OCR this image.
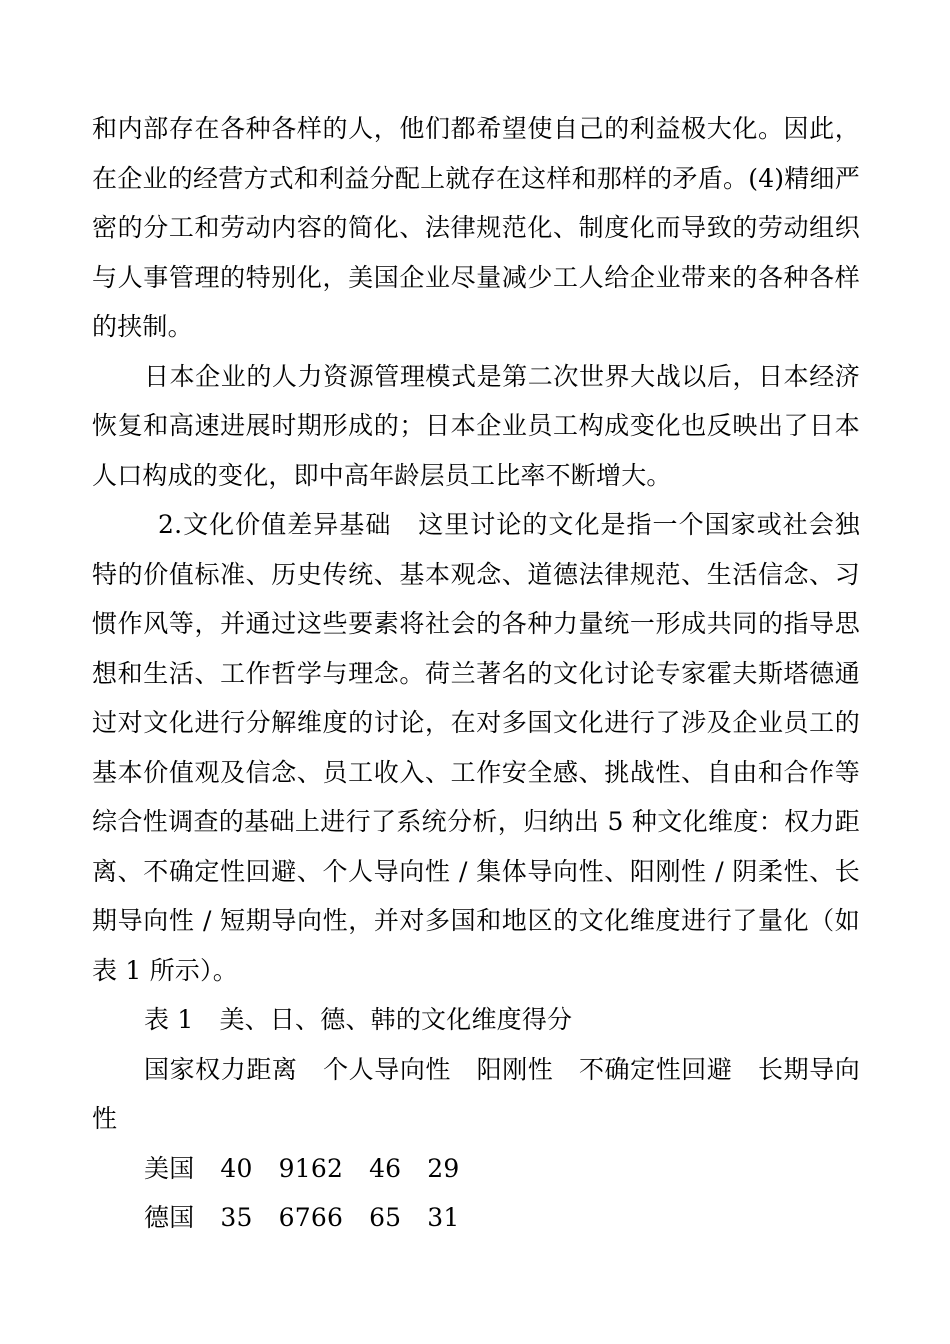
和内部存在各种各样的人，他们都希望使自己的利益极大化。因此，在企业的经营方式和利益分配上就存在这样和那样的矛盾。(4)精细严密的分工和劳动内容的简化、法律规范化、制度化而导致的劳动组织与人事管理的特别化，美国企业尽量减少工人给企业带来的各种各样的挟制。

日本企业的人力资源管理模式是第二次世界大战以后，日本经济恢复和高速进展时期形成的；日本企业员工构成变化也反映出了日本人口构成的变化，即中高年龄层员工比率不断增大。

2.文化价值差异基础 这里讨论的文化是指一个国家或社会独特的价值标准、历史传统、基本观念、道德法律规范、生活信念、习惯作风等，并通过这些要素将社会的各种力量统一形成共同的指导思想和生活、工作哲学与理念。荷兰著名的文化讨论专家霍夫斯塔德通过对文化进行分解维度的讨论，在对多国文化进行了涉及企业员工的基本价值观及信念、员工收入、工作安全感、挑战性、自由和合作等综合性调查的基础上进行了系统分析，归纳出 5 种文化维度：权力距离、不确定性回避、个人导向性 / 集体导向性、阳刚性 / 阴柔性、长期导向性 / 短期导向性，并对多国和地区的文化维度进行了量化（如表 1 所示）。

表 1 美、日、德、韩的文化维度得分

国家权力距离　个人导向性　阳刚性　不确定性回避　长期导向性

美国 40 9162 46 29

德国 35 6766 65 31
